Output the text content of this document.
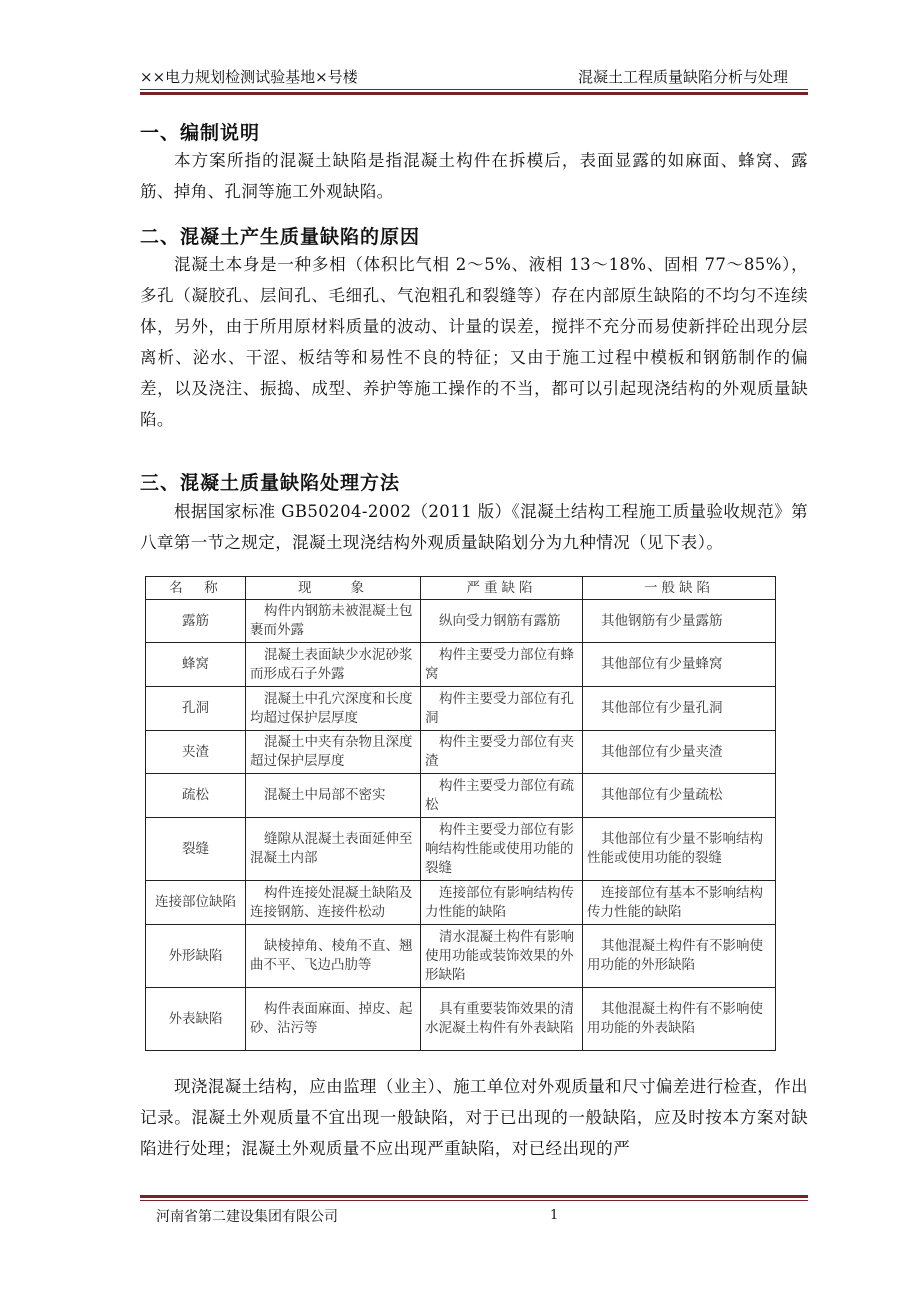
××电力规划检测试验基地×号楼	混凝土工程质量缺陷分析与处理
一、编制说明
本方案所指的混凝土缺陷是指混凝土构件在拆模后，表面显露的如麻面、蜂窝、露筋、掉角、孔洞等施工外观缺陷。
二、混凝土产生质量缺陷的原因
混凝土本身是一种多相（体积比气相 2～5%、液相 13～18%、固相 77～85%），多孔（凝胶孔、层间孔、毛细孔、气泡粗孔和裂缝等）存在内部原生缺陷的不均匀不连续体，另外，由于所用原材料质量的波动、计量的误差，搅拌不充分而易使新拌砼出现分层离析、泌水、干涩、板结等和易性不良的特征；又由于施工过程中模板和钢筋制作的偏差，以及浇注、振捣、成型、养护等施工操作的不当，都可以引起现浇结构的外观质量缺陷。
三、混凝土质量缺陷处理方法
根据国家标准 GB50204-2002（2011 版）《混凝土结构工程施工质量验收规范》第八章第一节之规定，混凝土现浇结构外观质量缺陷划分为九种情况（见下表）。
名　称	现　　象	严重缺陷	一般缺陷
露筋	构件内钢筋未被混凝土包裹而外露	纵向受力钢筋有露筋	其他钢筋有少量露筋
蜂窝	混凝土表面缺少水泥砂浆而形成石子外露	构件主要受力部位有蜂窝	其他部位有少量蜂窝
孔洞	混凝土中孔穴深度和长度均超过保护层厚度	构件主要受力部位有孔洞	其他部位有少量孔洞
夹渣	混凝土中夹有杂物且深度超过保护层厚度	构件主要受力部位有夹渣	其他部位有少量夹渣
疏松	混凝土中局部不密实	构件主要受力部位有疏松	其他部位有少量疏松
裂缝	缝隙从混凝土表面延伸至混凝土内部	构件主要受力部位有影响结构性能或使用功能的裂缝	其他部位有少量不影响结构性能或使用功能的裂缝
连接部位缺陷	构件连接处混凝土缺陷及连接钢筋、连接件松动	连接部位有影响结构传力性能的缺陷	连接部位有基本不影响结构传力性能的缺陷
外形缺陷	缺棱掉角、棱角不直、翘曲不平、飞边凸肋等	清水混凝土构件有影响使用功能或装饰效果的外形缺陷	其他混凝土构件有不影响使用功能的外形缺陷
外表缺陷	构件表面麻面、掉皮、起砂、沾污等	具有重要装饰效果的清水泥凝土构件有外表缺陷	其他混凝土构件有不影响使用功能的外表缺陷
现浇混凝土结构，应由监理（业主）、施工单位对外观质量和尺寸偏差进行检查，作出记录。混凝土外观质量不宜出现一般缺陷，对于已出现的一般缺陷，应及时按本方案对缺陷进行处理；混凝土外观质量不应出现严重缺陷，对已经出现的严
河南省第二建设集团有限公司	1
